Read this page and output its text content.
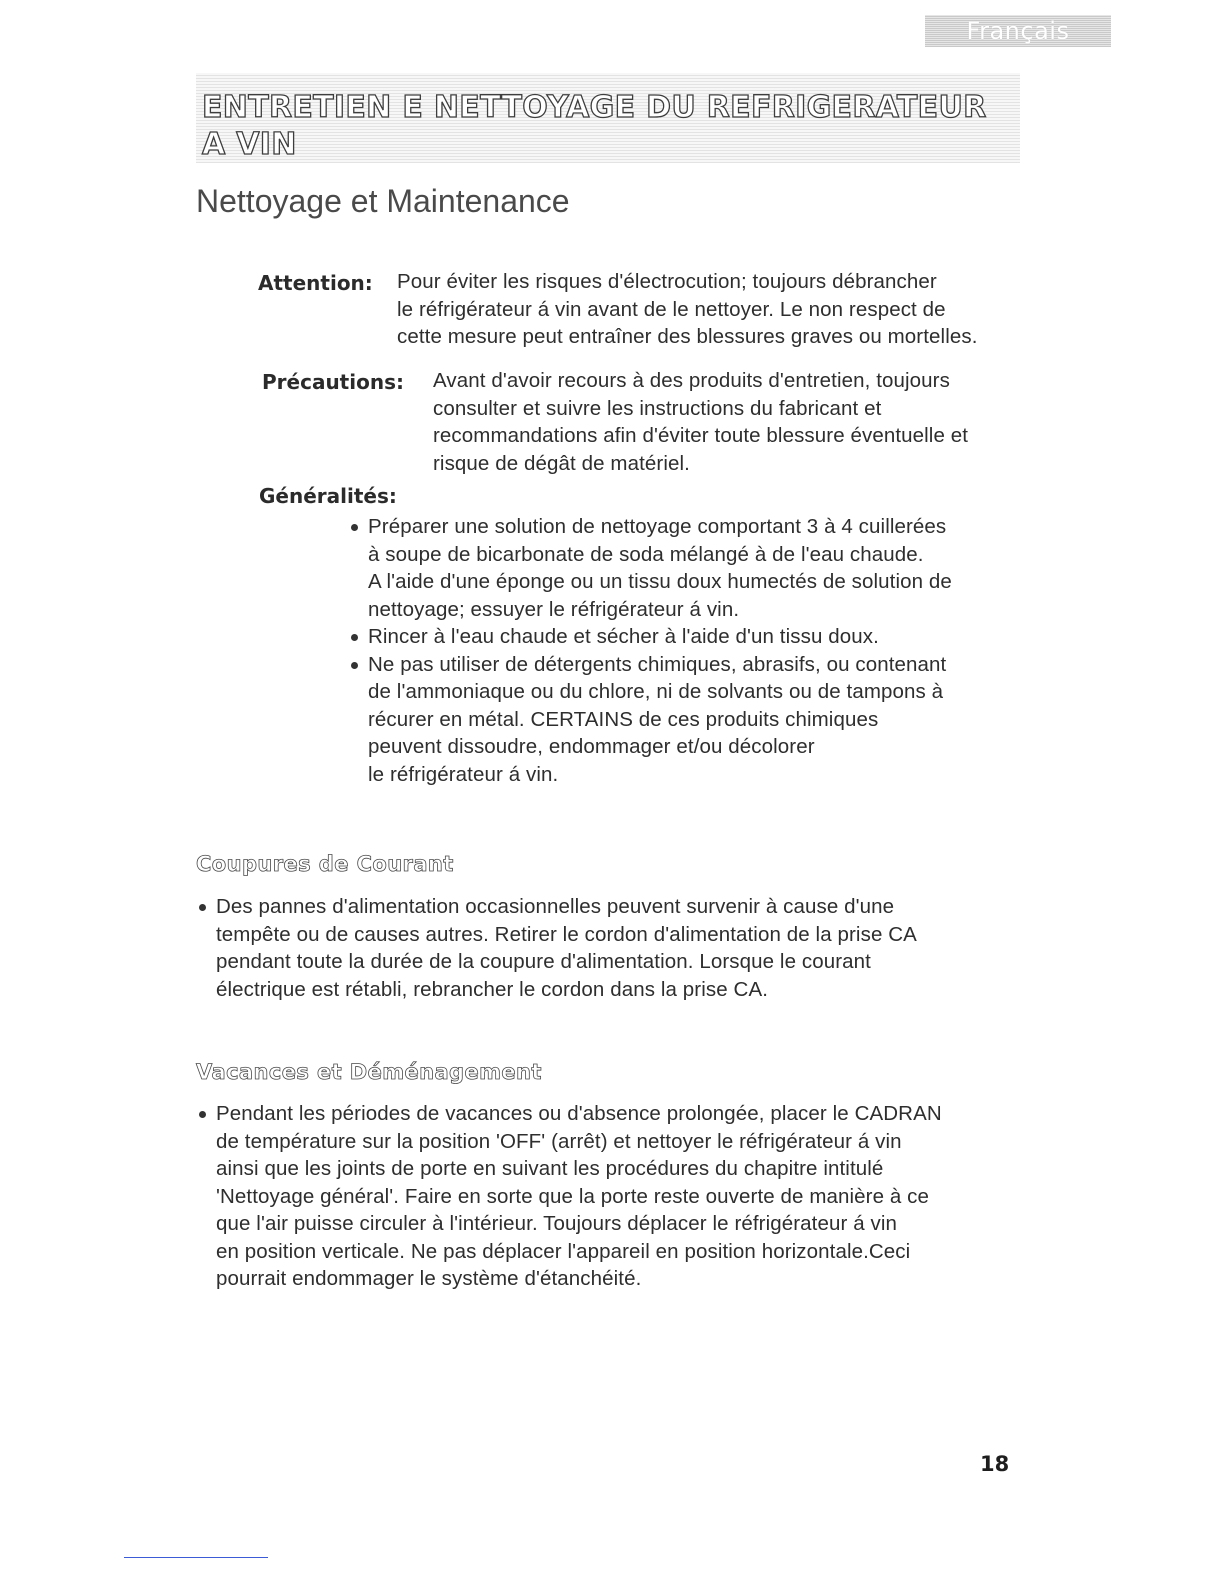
Français
ENTRETIEN E NETTOYAGE DU REFRIGERATEUR
A VIN
Nettoyage et Maintenance
Attention: Pour éviter les risques d'électrocution; toujours débrancher
le réfrigérateur á vin avant de le nettoyer. Le non respect de
cette mesure peut entraîner des blessures graves ou mortelles.
Précautions: Avant d'avoir recours à des produits d'entretien, toujours
consulter et suivre les instructions du fabricant et
recommandations afin d'éviter toute blessure éventuelle et
risque de dégât de matériel.
Généralités:
Préparer une solution de nettoyage comportant 3 à 4 cuillerées
à soupe de bicarbonate de soda mélangé à de l'eau chaude.
A l'aide d'une éponge ou un tissu doux humectés de solution de
nettoyage; essuyer le réfrigérateur á vin.
Rincer à l'eau chaude et sécher à l'aide d'un tissu doux.
Ne pas utiliser de détergents chimiques, abrasifs, ou contenant
de l'ammoniaque ou du chlore, ni de solvants ou de tampons à
récurer en métal. CERTAINS de ces produits chimiques
peuvent dissoudre, endommager et/ou décolorer
le réfrigérateur á vin.
Coupures de Courant
Des pannes d'alimentation occasionnelles peuvent survenir à cause d'une
tempête ou de causes autres. Retirer le cordon d'alimentation de la prise CA
pendant toute la durée de la coupure d'alimentation. Lorsque le courant
électrique est rétabli, rebrancher le cordon dans la prise CA.
Vacances et Déménagement
Pendant les périodes de vacances ou d'absence prolongée, placer le CADRAN
de température sur la position 'OFF' (arrêt) et nettoyer le réfrigérateur á vin
ainsi que les joints de porte en suivant les procédures du chapitre intitulé
'Nettoyage général'. Faire en sorte que la porte reste ouverte de manière à ce
que l'air puisse circuler à l'intérieur. Toujours déplacer le réfrigérateur á vin
en position verticale. Ne pas déplacer l'appareil en position horizontale.Ceci
pourrait endommager le système d'étanchéité.
18
